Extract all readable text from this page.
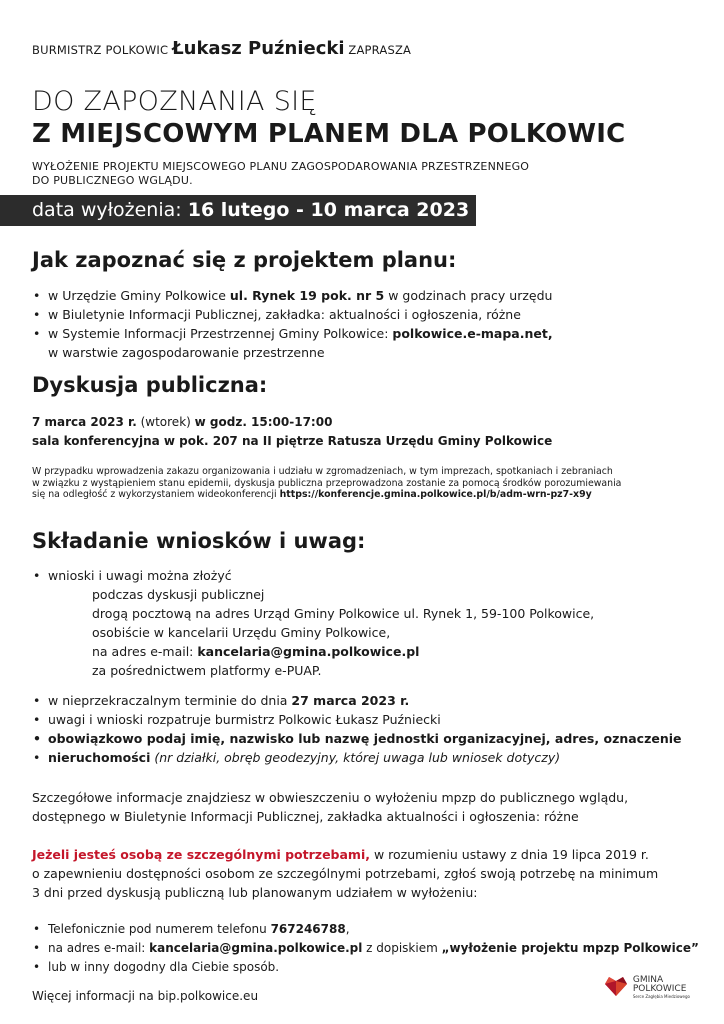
BURMISTRZ POLKOWIC Łukasz Puźniecki ZAPRASZA
DO ZAPOZNANIA SIĘ
Z MIEJSCOWYM PLANEM DLA POLKOWIC
WYŁOŻENIE PROJEKTU MIEJSCOWEGO PLANU ZAGOSPODAROWANIA PRZESTRZENNEGO
DO PUBLICZNEGO WGLĄDU.
data wyłożenia: 16 lutego - 10 marca 2023
Jak zapoznać się z projektem planu:
• w Urzędzie Gminy Polkowice ul. Rynek 19 pok. nr 5 w godzinach pracy urzędu
• w Biuletynie Informacji Publicznej, zakładka: aktualności i ogłoszenia, różne
• w Systemie Informacji Przestrzennej Gminy Polkowice: polkowice.e-mapa.net,
w warstwie zagospodarowanie przestrzenne
Dyskusja publiczna:
7 marca 2023 r. (wtorek) w godz. 15:00-17:00
sala konferencyjna w pok. 207 na II piętrze Ratusza Urzędu Gminy Polkowice
W przypadku wprowadzenia zakazu organizowania i udziału w zgromadzeniach, w tym imprezach, spotkaniach i zebraniach
w związku z wystąpieniem stanu epidemii, dyskusja publiczna przeprowadzona zostanie za pomocą środków porozumiewania
się na odległość z wykorzystaniem wideokonferencji https://konferencje.gmina.polkowice.pl/b/adm-wrn-pz7-x9y
Składanie wniosków i uwag:
• wnioski i uwagi można złożyć
podczas dyskusji publicznej
drogą pocztową na adres Urząd Gminy Polkowice ul. Rynek 1, 59-100 Polkowice,
osobiście w kancelarii Urzędu Gminy Polkowice,
na adres e-mail: kancelaria@gmina.polkowice.pl
za pośrednictwem platformy e-PUAP.
• w nieprzekraczalnym terminie do dnia 27 marca 2023 r.
• uwagi i wnioski rozpatruje burmistrz Polkowic Łukasz Puźniecki
• obowiązkowo podaj imię, nazwisko lub nazwę jednostki organizacyjnej, adres, oznaczenie
• nieruchomości (nr działki, obręb geodezyjny, której uwaga lub wniosek dotyczy)
Szczegółowe informacje znajdziesz w obwieszczeniu o wyłożeniu mpzp do publicznego wglądu,
dostępnego w Biuletynie Informacji Publicznej, zakładka aktualności i ogłoszenia: różne
Jeżeli jesteś osobą ze szczególnymi potrzebami, w rozumieniu ustawy z dnia 19 lipca 2019 r.
o zapewnieniu dostępności osobom ze szczególnymi potrzebami, zgłoś swoją potrzebę na minimum
3 dni przed dyskusją publiczną lub planowanym udziałem w wyłożeniu:
• Telefonicznie pod numerem telefonu 767246788,
• na adres e-mail: kancelaria@gmina.polkowice.pl z dopiskiem „wyłożenie projektu mpzp Polkowice”
• lub w inny dogodny dla Ciebie sposób.
Więcej informacji na bip.polkowice.eu
GMINA
POLKOWICE
Serce Zagłębia Miedziowego
